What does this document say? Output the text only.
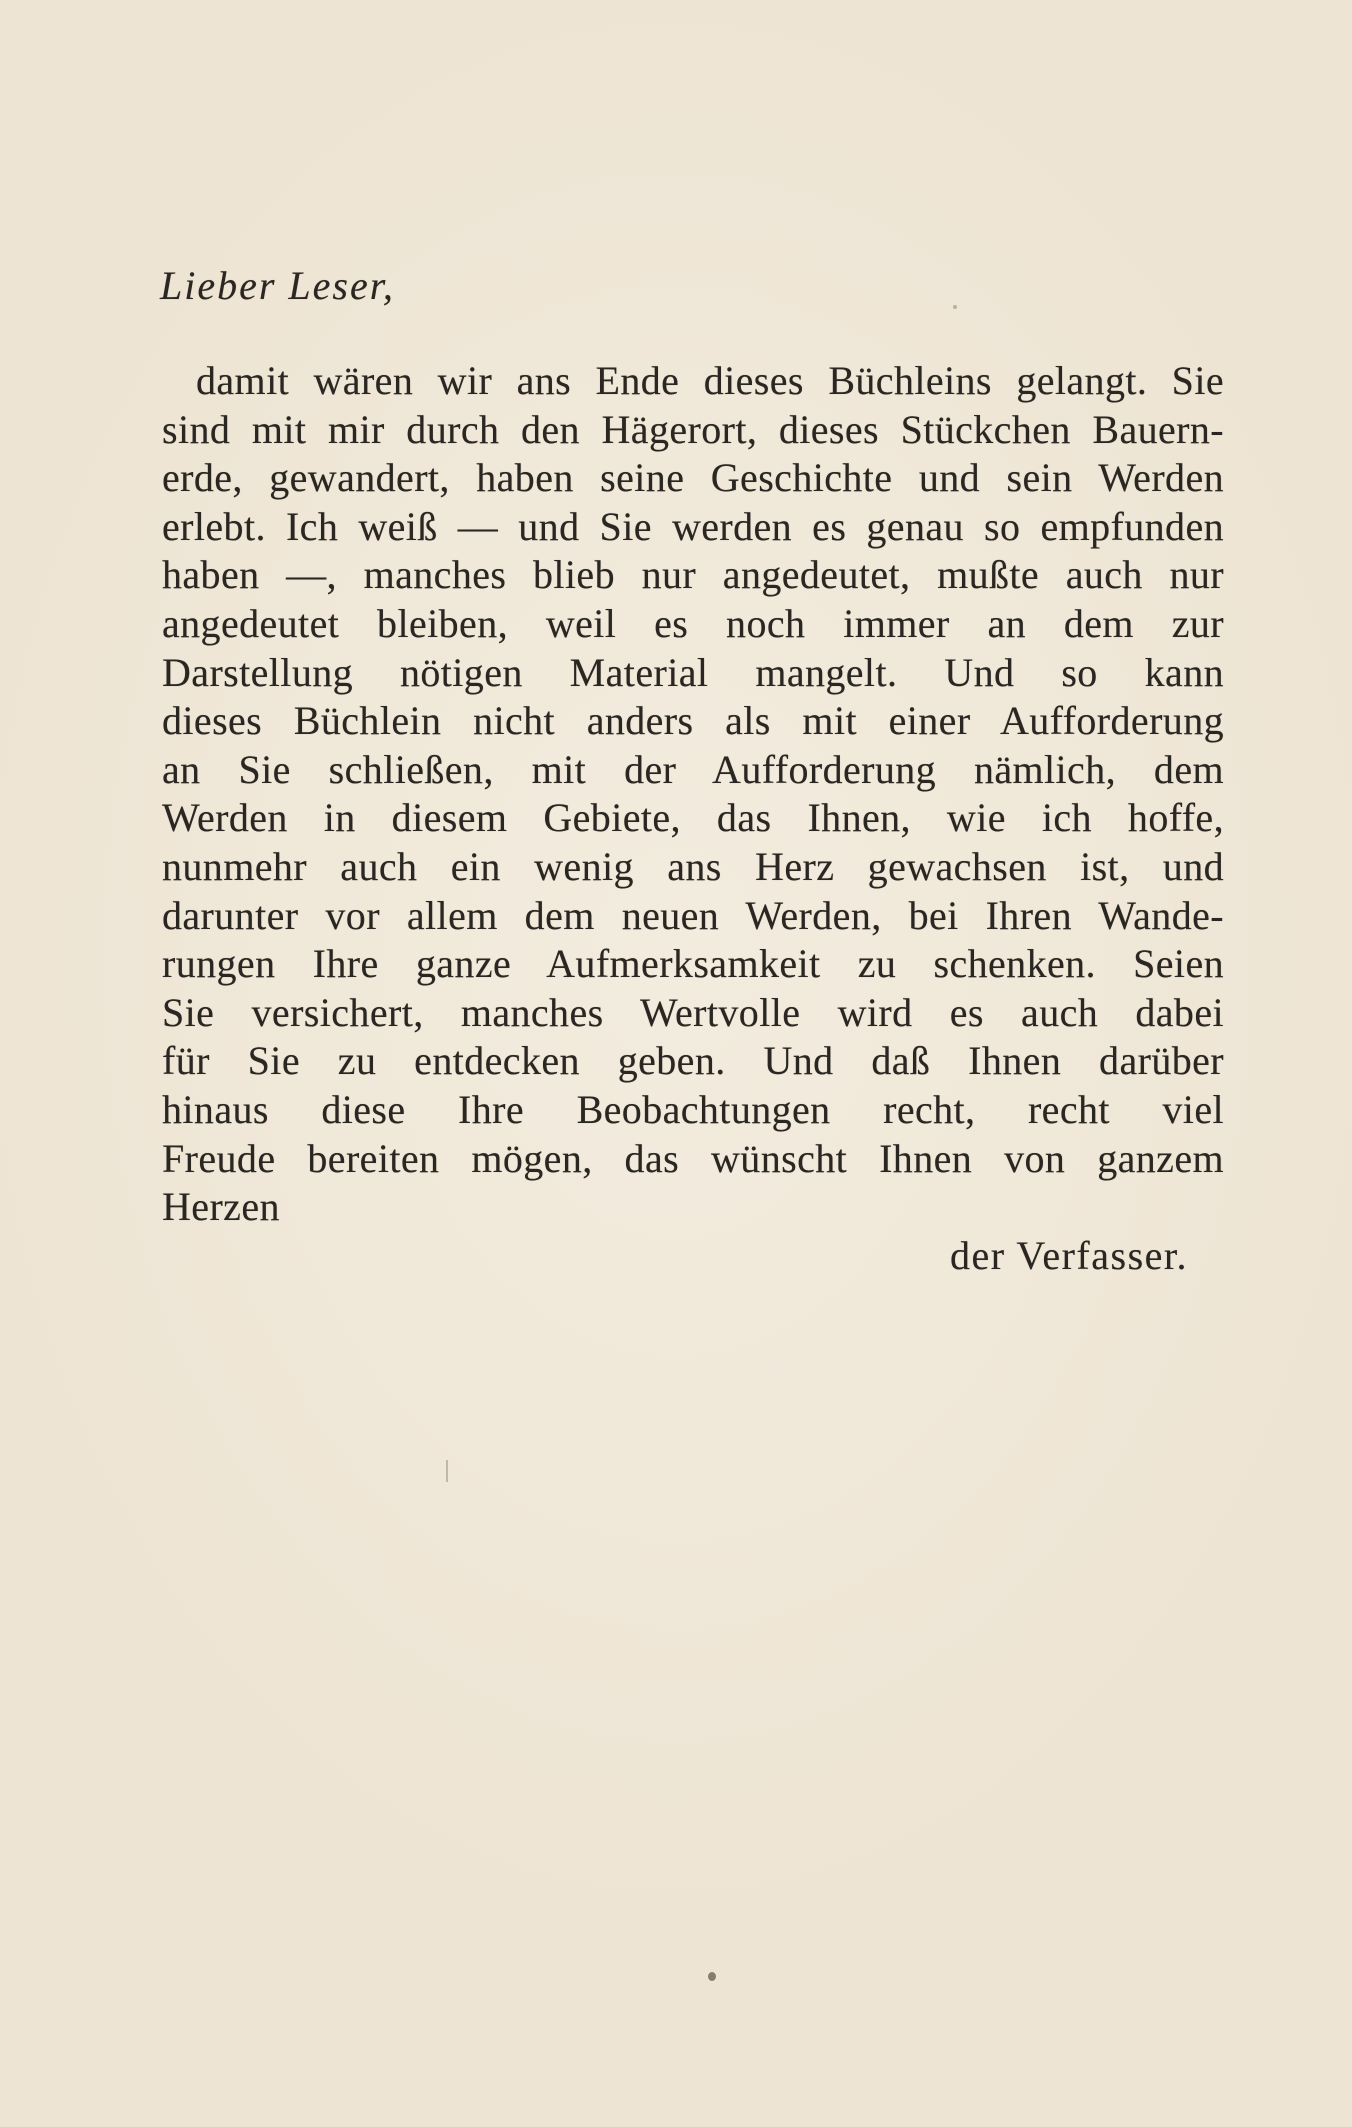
Lieber Leser,
damit wären wir ans Ende dieses Büchleins gelangt. Sie
sind mit mir durch den Hägerort, dieses Stückchen Bauern-
erde, gewandert, haben seine Geschichte und sein Werden
erlebt. Ich weiß — und Sie werden es genau so empfunden
haben —, manches blieb nur angedeutet, mußte auch nur
angedeutet bleiben, weil es noch immer an dem zur
Darstellung nötigen Material mangelt. Und so kann
dieses Büchlein nicht anders als mit einer Aufforderung
an Sie schließen, mit der Aufforderung nämlich, dem
Werden in diesem Gebiete, das Ihnen, wie ich hoffe,
nunmehr auch ein wenig ans Herz gewachsen ist, und
darunter vor allem dem neuen Werden, bei Ihren Wande-
rungen Ihre ganze Aufmerksamkeit zu schenken. Seien
Sie versichert, manches Wertvolle wird es auch dabei
für Sie zu entdecken geben. Und daß Ihnen darüber
hinaus diese Ihre Beobachtungen recht, recht viel
Freude bereiten mögen, das wünscht Ihnen von ganzem
Herzen
der Verfasser.
